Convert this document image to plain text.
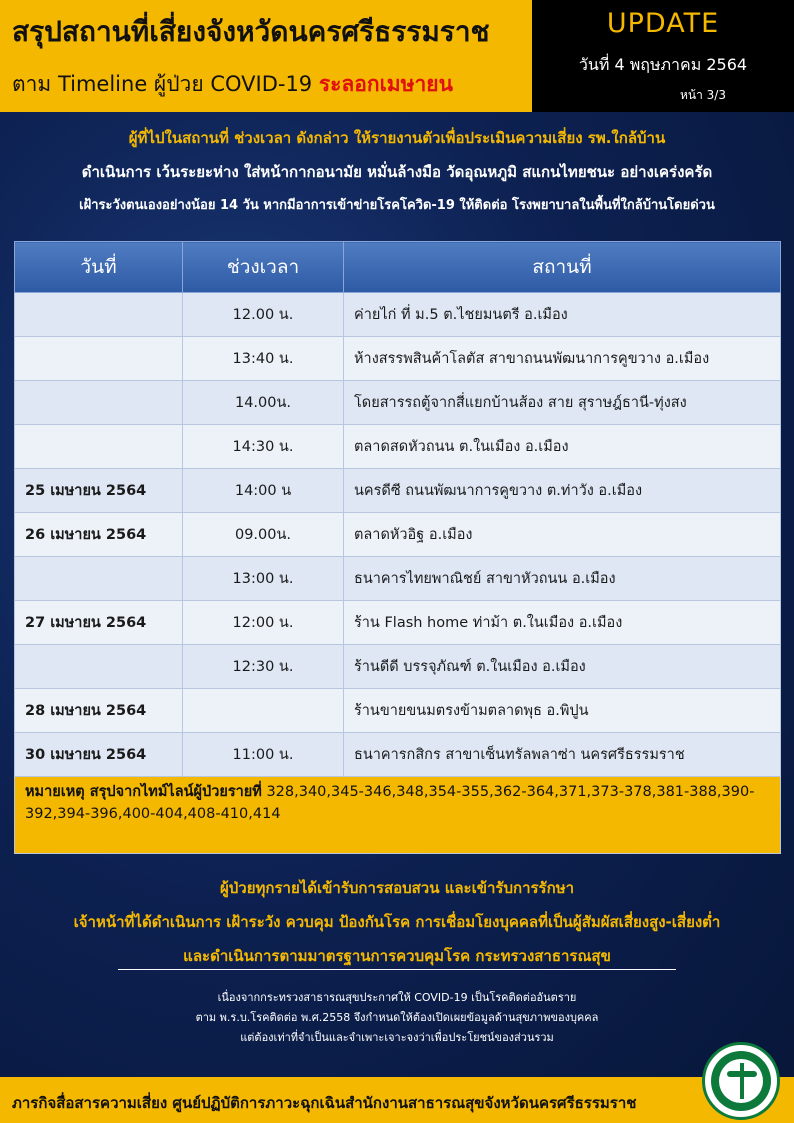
สรุปสถานที่เสี่ยงจังหวัดนครศรีธรรมราช
ตาม Timeline ผู้ป่วย COVID-19 ระลอกเมษายน
UPDATE
วันที่ 4 พฤษภาคม 2564
หน้า 3/3
ผู้ที่ไปในสถานที่ ช่วงเวลา ดังกล่าว ให้รายงานตัวเพื่อประเมินความเสี่ยง รพ.ใกล้บ้าน
ดำเนินการ เว้นระยะห่าง ใส่หน้ากากอนามัย หมั่นล้างมือ วัดอุณหภูมิ สแกนไทยชนะ อย่างเคร่งครัด
เฝ้าระวังตนเองอย่างน้อย 14 วัน หากมีอาการเข้าข่ายโรคโควิด-19 ให้ติดต่อ โรงพยาบาลในพื้นที่ใกล้บ้านโดยด่วน
วันที่	ช่วงเวลา	สถานที่
	12.00 น.	ค่ายไก่ ที่ ม.5 ต.ไชยมนตรี อ.เมือง
	13:40 น.	ห้างสรรพสินค้าโลตัส สาขาถนนพัฒนาการคูขวาง อ.เมือง
	14.00น.	โดยสารรถตู้จากสี่แยกบ้านส้อง สาย สุราษฎ์ธานี-ทุ่งสง
	14:30 น.	ตลาดสดหัวถนน ต.ในเมือง อ.เมือง
25 เมษายน 2564	14:00 น	นครดีซี ถนนพัฒนาการคูขวาง ต.ท่าวัง อ.เมือง
26 เมษายน 2564	09.00น.	ตลาดหัวอิฐ อ.เมือง
	13:00 น.	ธนาคารไทยพาณิชย์ สาขาหัวถนน อ.เมือง
27 เมษายน 2564	12:00 น.	ร้าน Flash home ท่าม้า ต.ในเมือง อ.เมือง
	12:30 น.	ร้านดีดี บรรจุภัณฑ์ ต.ในเมือง อ.เมือง
28 เมษายน 2564		ร้านขายขนมตรงข้ามตลาดพุธ อ.พิปูน
30 เมษายน 2564	11:00 น.	ธนาคารกสิกร สาขาเซ็นทรัลพลาซ่า นครศรีธรรมราช
หมายเหตุ สรุปจากไทม์ไลน์ผู้ป่วยรายที่ 328,340,345-346,348,354-355,362-364,371,373-378,381-388,390-392,394-396,400-404,408-410,414		
ผู้ป่วยทุกรายได้เข้ารับการสอบสวน และเข้ารับการรักษา
เจ้าหน้าที่ได้ดำเนินการ เฝ้าระวัง ควบคุม ป้องกันโรค การเชื่อมโยงบุคคลที่เป็นผู้สัมผัสเสี่ยงสูง-เสี่ยงต่ำ
และดำเนินการตามมาตรฐานการควบคุมโรค กระทรวงสาธารณสุข
เนื่องจากกระทรวงสาธารณสุขประกาศให้ COVID-19 เป็นโรคติดต่ออันตราย
ตาม พ.ร.บ.โรคติดต่อ พ.ศ.2558 จึงกำหนดให้ต้องเปิดเผยข้อมูลด้านสุขภาพของบุคคล
แต่ต้องเท่าที่จำเป็นและจำเพาะเจาะจงว่าเพื่อประโยชน์ของส่วนรวม
ภารกิจสื่อสารความเสี่ยง ศูนย์ปฏิบัติการภาวะฉุกเฉินสำนักงานสาธารณสุขจังหวัดนครศรีธรรมราช
